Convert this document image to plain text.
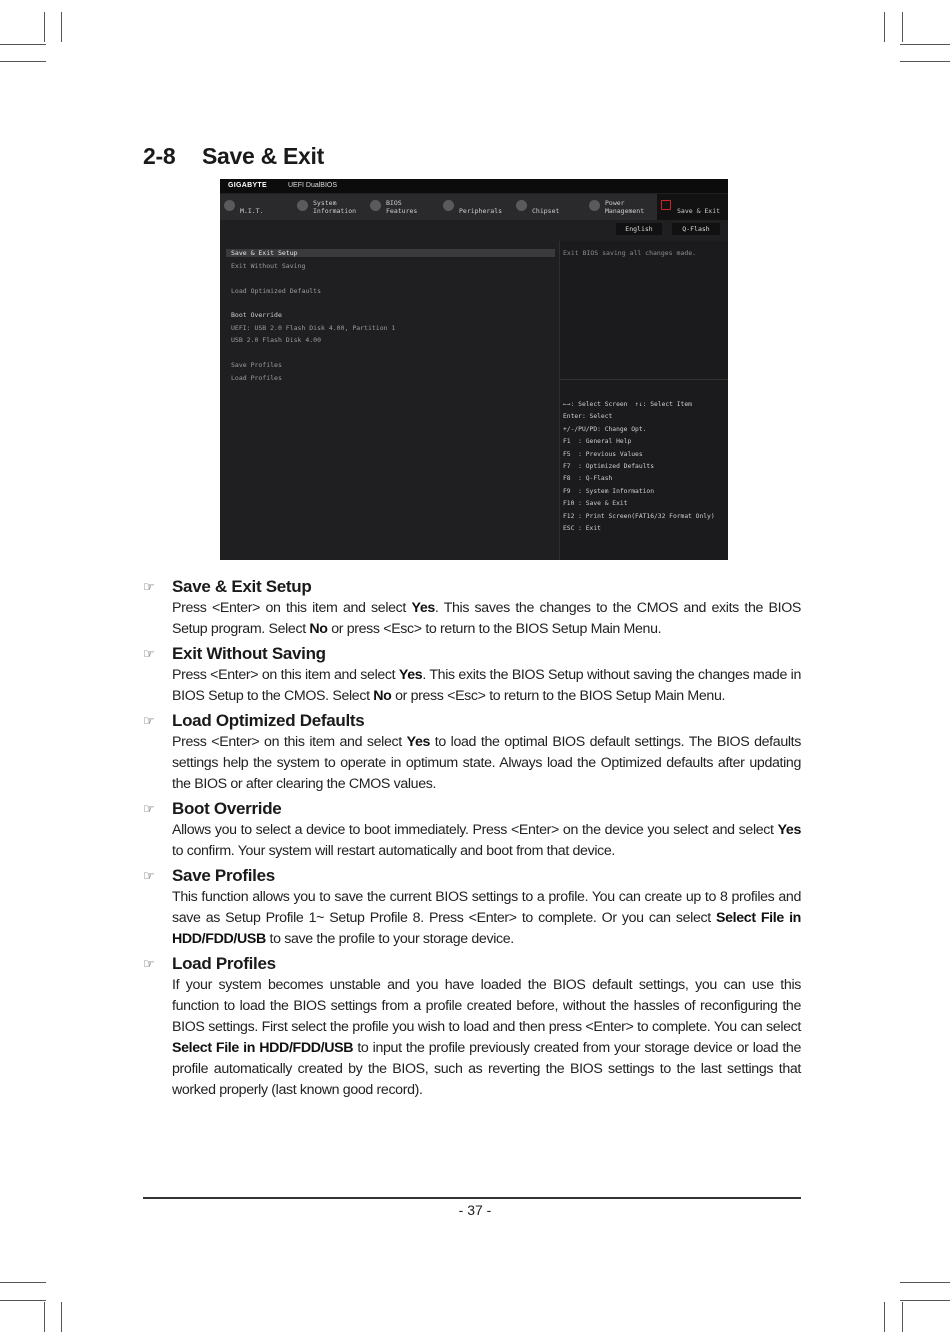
2-8 Save & Exit
GIGABYTE	UEFI DualBIOS
M.I.T.
System
Information
BIOS
Features	Peripherals	Chipset
Power
Management	Save & Exit
English	Q-Flash
Save & Exit Setup
Exit Without Saving
Load Optimized Defaults
Boot Override
UEFI: USB 2.0 Flash Disk 4.00, Partition 1
USB 2.0 Flash Disk 4.00
Save Profiles
Load Profiles
Exit BIOS saving all changes made.
←→: Select Screen  ↑↓: Select Item
Enter: Select
+/-/PU/PD: Change Opt.
F1  : General Help
F5  : Previous Values
F7  : Optimized Defaults
F8  : Q-Flash
F9  : System Information
F10 : Save & Exit
F12 : Print Screen(FAT16/32 Format Only)
ESC : Exit
☞	Save & Exit Setup
Press <Enter> on this item and select Yes. This saves the changes to the CMOS and exits the BIOS Setup program. Select No or press <Esc> to return to the BIOS Setup Main Menu.
☞	Exit Without Saving
Press <Enter> on this item and select Yes. This exits the BIOS Setup without saving the changes made in BIOS Setup to the CMOS. Select No or press <Esc> to return to the BIOS Setup Main Menu.
☞	Load Optimized Defaults
Press <Enter> on this item and select Yes to load the optimal BIOS default settings. The BIOS defaults settings help the system to operate in optimum state. Always load the Optimized defaults after updating the BIOS or after clearing the CMOS values.
☞	Boot Override
Allows you to select a device to boot immediately. Press <Enter> on the device you select and select Yes to confirm. Your system will restart automatically and boot from that device.
☞	Save Profiles
This function allows you to save the current BIOS settings to a profile. You can create up to 8 profiles and save as Setup Profile 1~ Setup Profile 8. Press <Enter> to complete. Or you can select Select File in HDD/FDD/USB to save the profile to your storage device.
☞	Load Profiles
If your system becomes unstable and you have loaded the BIOS default settings, you can use this function to load the BIOS settings from a profile created before, without the hassles of reconfiguring the BIOS settings. First select the profile you wish to load and then press <Enter> to complete. You can select Select File in HDD/FDD/USB to input the profile previously created from your storage device or load the profile automatically created by the BIOS, such as reverting the BIOS settings to the last settings that worked properly (last known good record).
- 37 -
